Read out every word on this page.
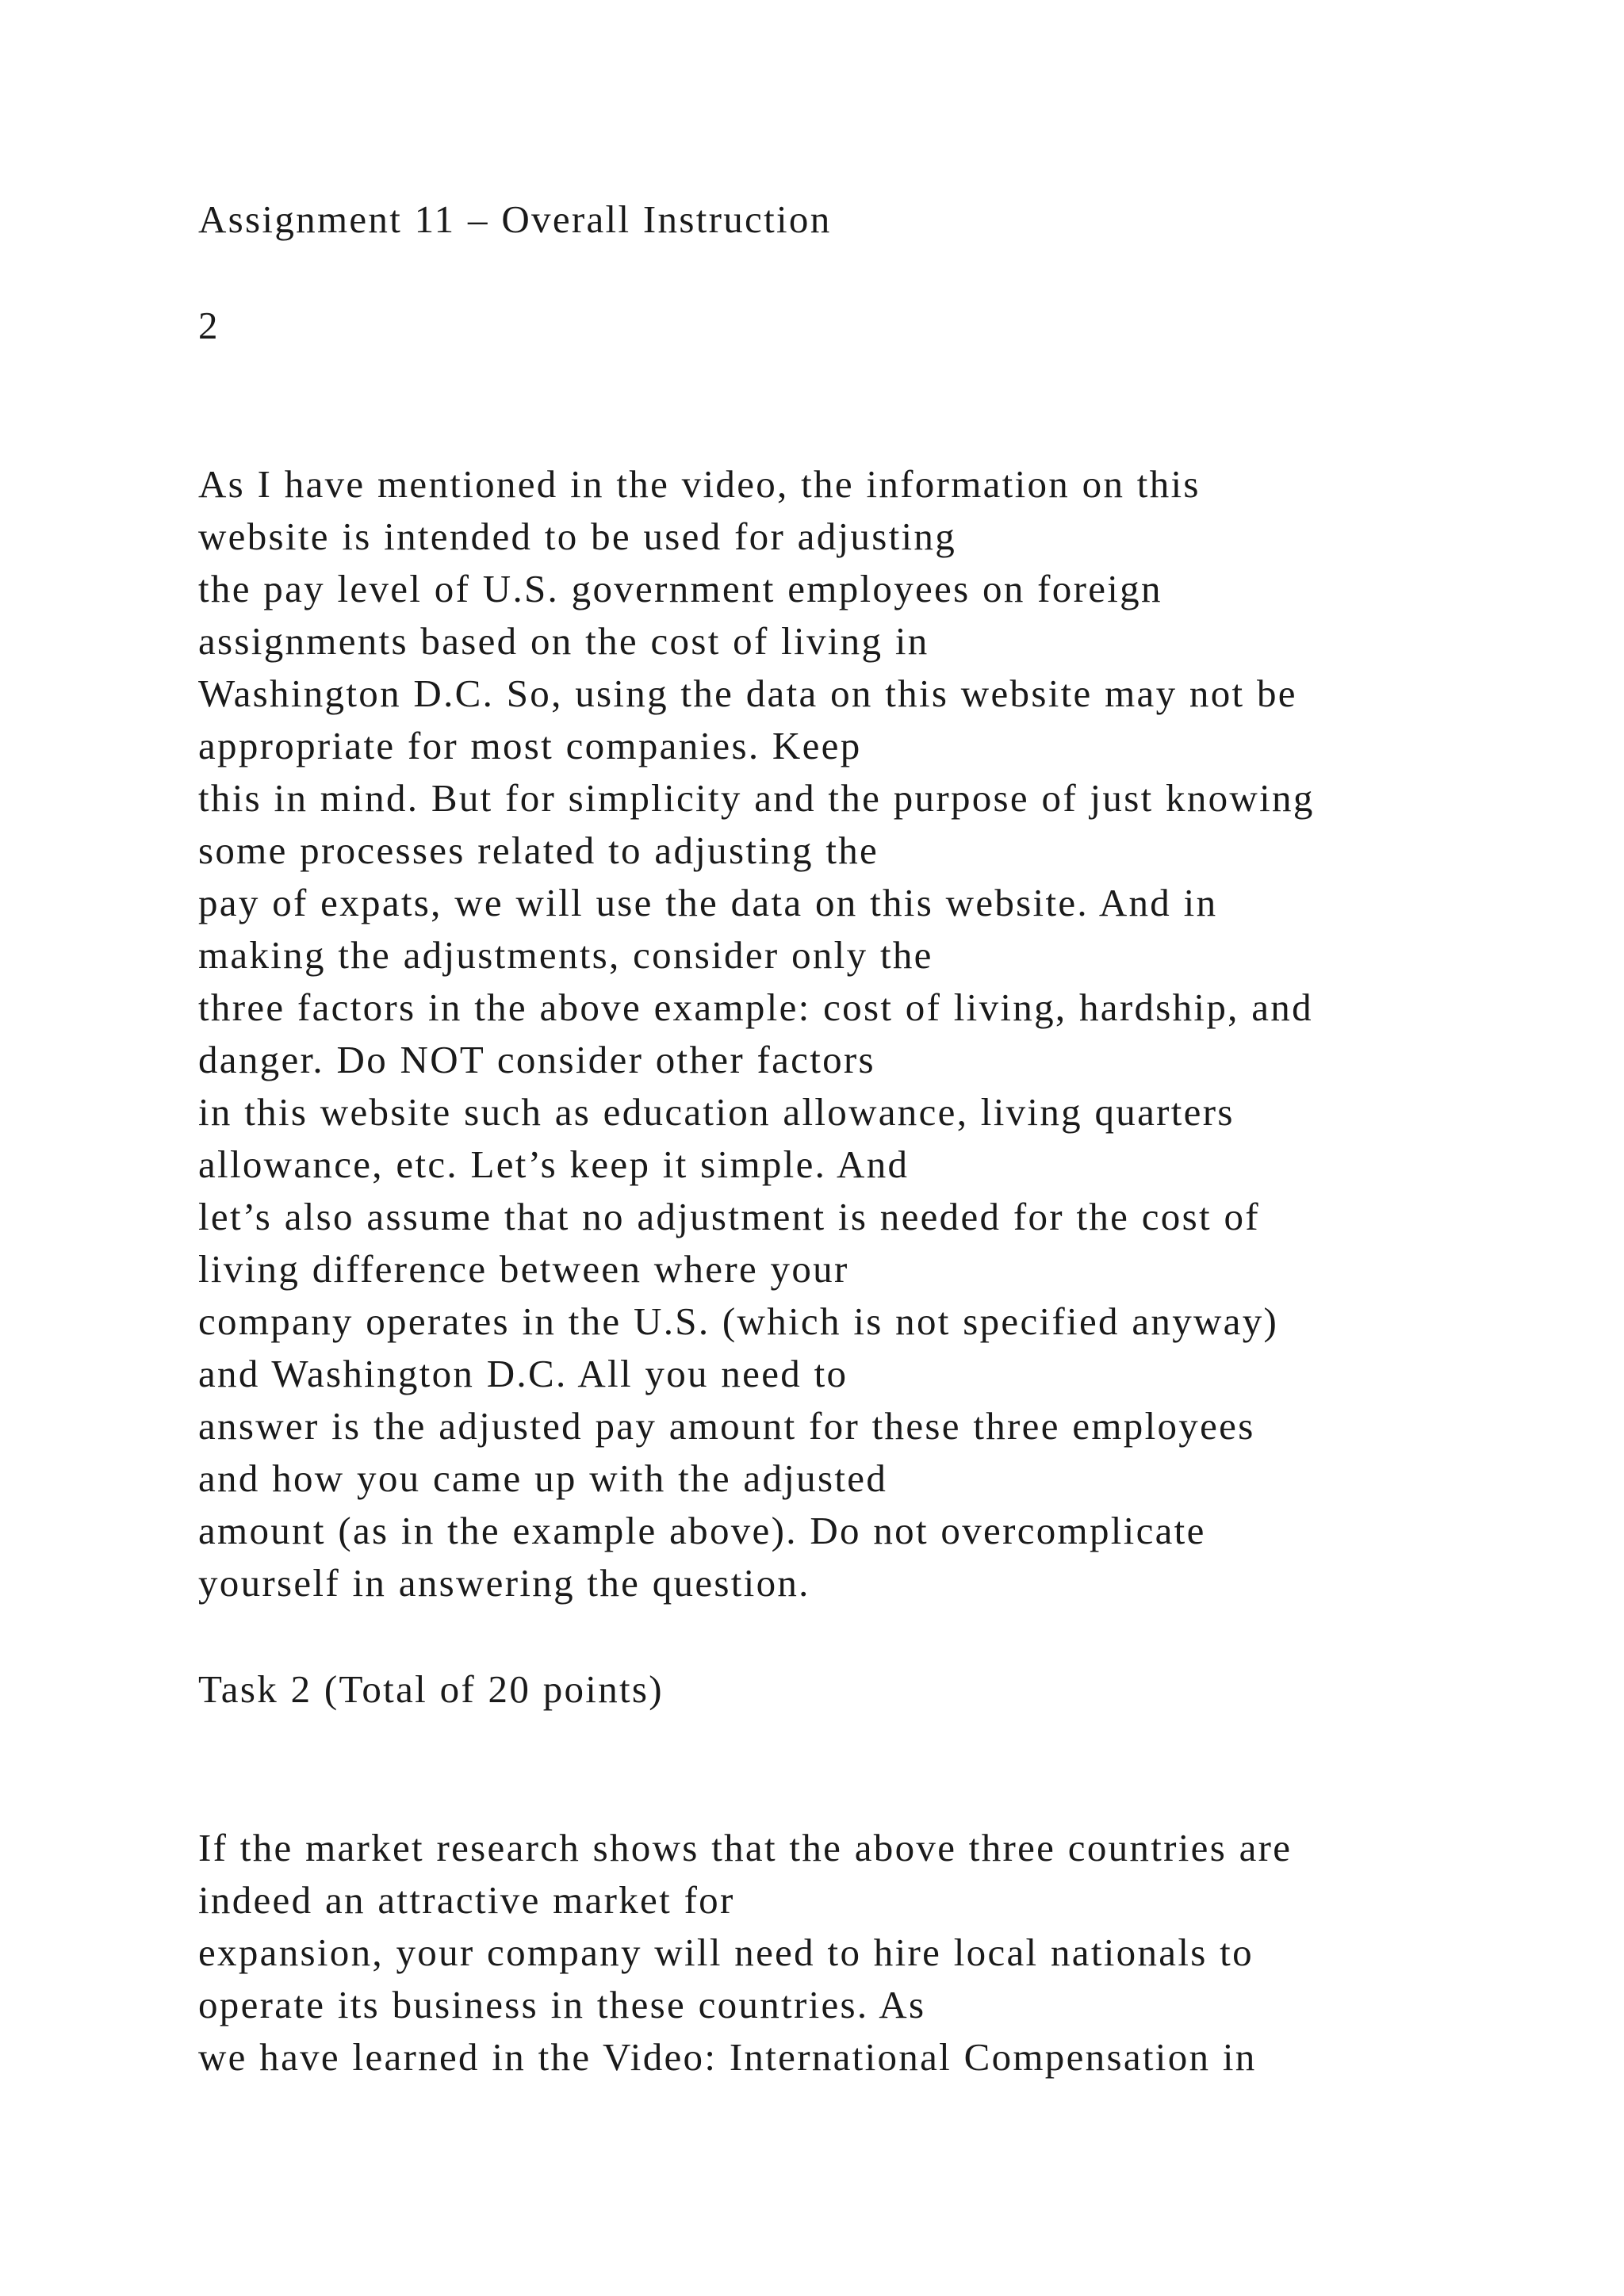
Assignment 11 – Overall Instruction

2

As I have mentioned in the video, the information on this

website is intended to be used for adjusting

the pay level of U.S. government employees on foreign

assignments based on the cost of living in

Washington D.C. So, using the data on this website may not be

appropriate for most companies. Keep

this in mind. But for simplicity and the purpose of just knowing

some processes related to adjusting the

pay of expats, we will use the data on this website. And in

making the adjustments, consider only the

three factors in the above example: cost of living, hardship, and

danger. Do NOT consider other factors

in this website such as education allowance, living quarters

allowance, etc. Let’s keep it simple. And

let’s also assume that no adjustment is needed for the cost of

living difference between where your

company operates in the U.S. (which is not specified anyway)

and Washington D.C. All you need to

answer is the adjusted pay amount for these three employees

and how you came up with the adjusted

amount (as in the example above). Do not overcomplicate

yourself in answering the question.

Task 2 (Total of 20 points)

If the market research shows that the above three countries are

indeed an attractive market for

expansion, your company will need to hire local nationals to

operate its business in these countries. As

we have learned in the Video: International Compensation in
